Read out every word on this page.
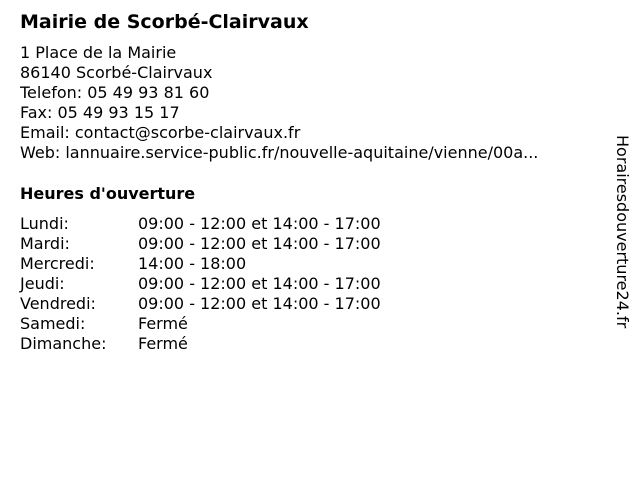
Mairie de Scorbé-Clairvaux
1 Place de la Mairie
86140 Scorbé-Clairvaux
Telefon: 05 49 93 81 60
Fax: 05 49 93 15 17
Email: contact@scorbe-clairvaux.fr
Web: lannuaire.service-public.fr/nouvelle-aquitaine/vienne/00a...
Heures d'ouverture
Lundi:	09:00 - 12:00 et 14:00 - 17:00
Mardi:	09:00 - 12:00 et 14:00 - 17:00
Mercredi:	14:00 - 18:00
Jeudi:	09:00 - 12:00 et 14:00 - 17:00
Vendredi:	09:00 - 12:00 et 14:00 - 17:00
Samedi:	Fermé
Dimanche:	Fermé
Horairesdouverture24.fr
